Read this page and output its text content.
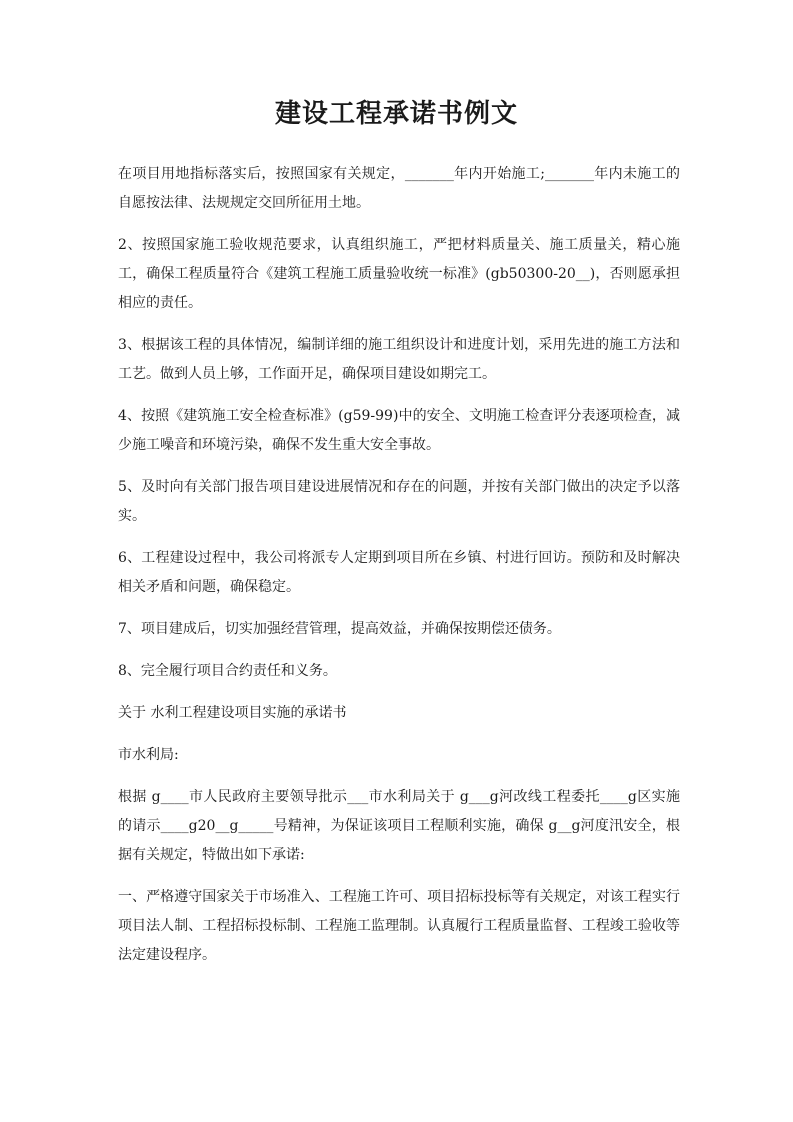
建设工程承诺书例文

在项目用地指标落实后，按照国家有关规定，_______年内开始施工;_______年内未施工的自愿按法律、法规规定交回所征用土地。

2、按照国家施工验收规范要求，认真组织施工，严把材料质量关、施工质量关，精心施工，确保工程质量符合《建筑工程施工质量验收统一标准》(gb50300-20__)，否则愿承担相应的责任。

3、根据该工程的具体情况，编制详细的施工组织设计和进度计划，采用先进的施工方法和工艺。做到人员上够，工作面开足，确保项目建设如期完工。

4、按照《建筑施工安全检查标准》(g59-99)中的安全、文明施工检查评分表逐项检查，减少施工噪音和环境污染，确保不发生重大安全事故。

5、及时向有关部门报告项目建设进展情况和存在的问题，并按有关部门做出的决定予以落实。

6、工程建设过程中，我公司将派专人定期到项目所在乡镇、村进行回访。预防和及时解决相关矛盾和问题，确保稳定。

7、项目建成后，切实加强经营管理，提高效益，并确保按期偿还债务。

8、完全履行项目合约责任和义务。

关于 水利工程建设项目实施的承诺书

市水利局:

根据 g____市人民政府主要领导批示___市水利局关于 g___g河改线工程委托____g区实施的请示____g20__g_____号精神，为保证该项目工程顺利实施，确保 g__g河度汛安全，根据有关规定，特做出如下承诺:

一、严格遵守国家关于市场准入、工程施工许可、项目招标投标等有关规定，对该工程实行项目法人制、工程招标投标制、工程施工监理制。认真履行工程质量监督、工程竣工验收等法定建设程序。
